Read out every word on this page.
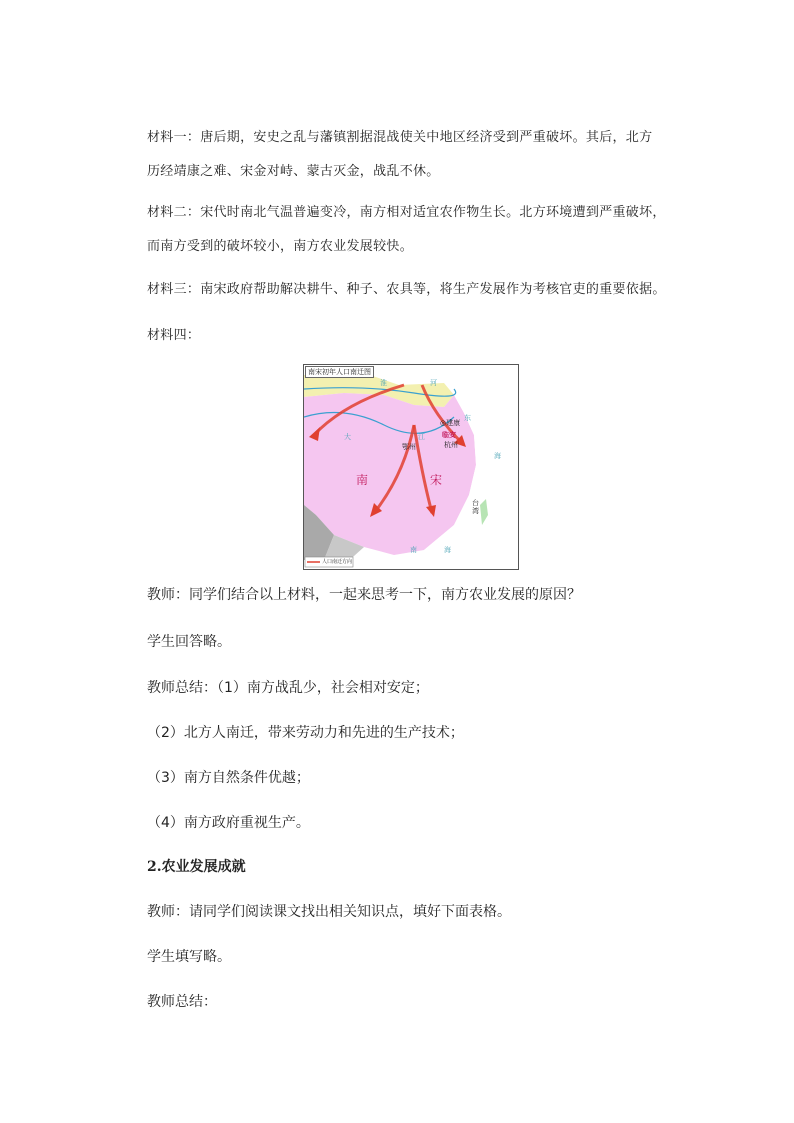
材料一：唐后期，安史之乱与藩镇割据混战使关中地区经济受到严重破坏。其后，北方
历经靖康之难、宋金对峙、蒙古灭金，战乱不休。
材料二：宋代时南北气温普遍变冷，南方相对适宜农作物生长。北方环境遭到严重破坏，
而南方受到的破坏较小，南方农业发展较快。
材料三：南宋政府帮助解决耕牛、种子、农具等，将生产发展作为考核官吏的重要依据。
材料四：
南宋初年人口南迁图
淮	河
大	江
鄂州
◎建康
临安
杭州
南	宋
东
海
南	海
台湾
人口南迁方向
教师：同学们结合以上材料，一起来思考一下，南方农业发展的原因？
学生回答略。
教师总结：（1）南方战乱少，社会相对安定；
（2）北方人南迁，带来劳动力和先进的生产技术；
（3）南方自然条件优越；
（4）南方政府重视生产。
2.农业发展成就
教师：请同学们阅读课文找出相关知识点，填好下面表格。
学生填写略。
教师总结：
